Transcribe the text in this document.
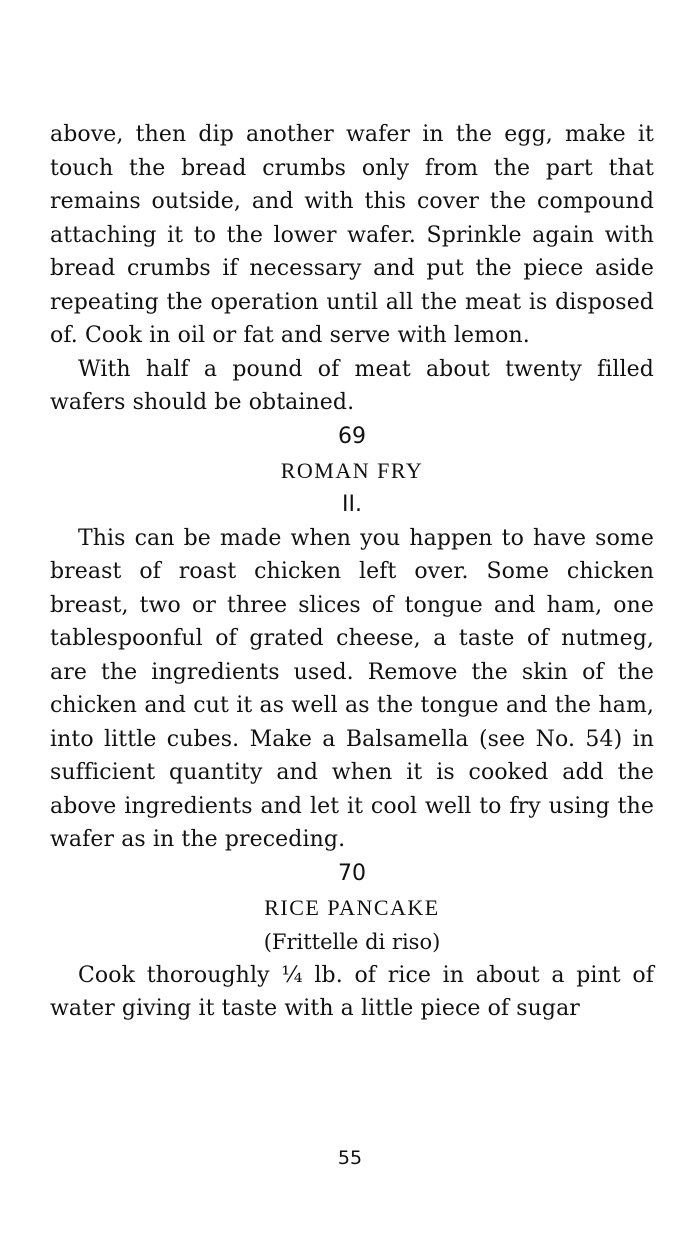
above, then dip another wafer in the egg, make it touch the bread crumbs only from the part that remains outside, and with this cover the compound attaching it to the lower wafer. Sprinkle again with bread crumbs if necessary and put the piece aside repeating the operation until all the meat is disposed of. Cook in oil or fat and serve with lemon.

With half a pound of meat about twenty filled wafers should be obtained.

69

ROMAN FRY

II.

This can be made when you happen to have some breast of roast chicken left over. Some chicken breast, two or three slices of tongue and ham, one tablespoonful of grated cheese, a taste of nutmeg, are the ingredients used. Remove the skin of the chicken and cut it as well as the tongue and the ham, into little cubes. Make a Balsamella (see No. 54) in sufficient quantity and when it is cooked add the above ingredients and let it cool well to fry using the wafer as in the preceding.

70

RICE PANCAKE

(Frittelle di riso)

Cook thoroughly ¼ lb. of rice in about a pint of water giving it taste with a little piece of sugar

55
